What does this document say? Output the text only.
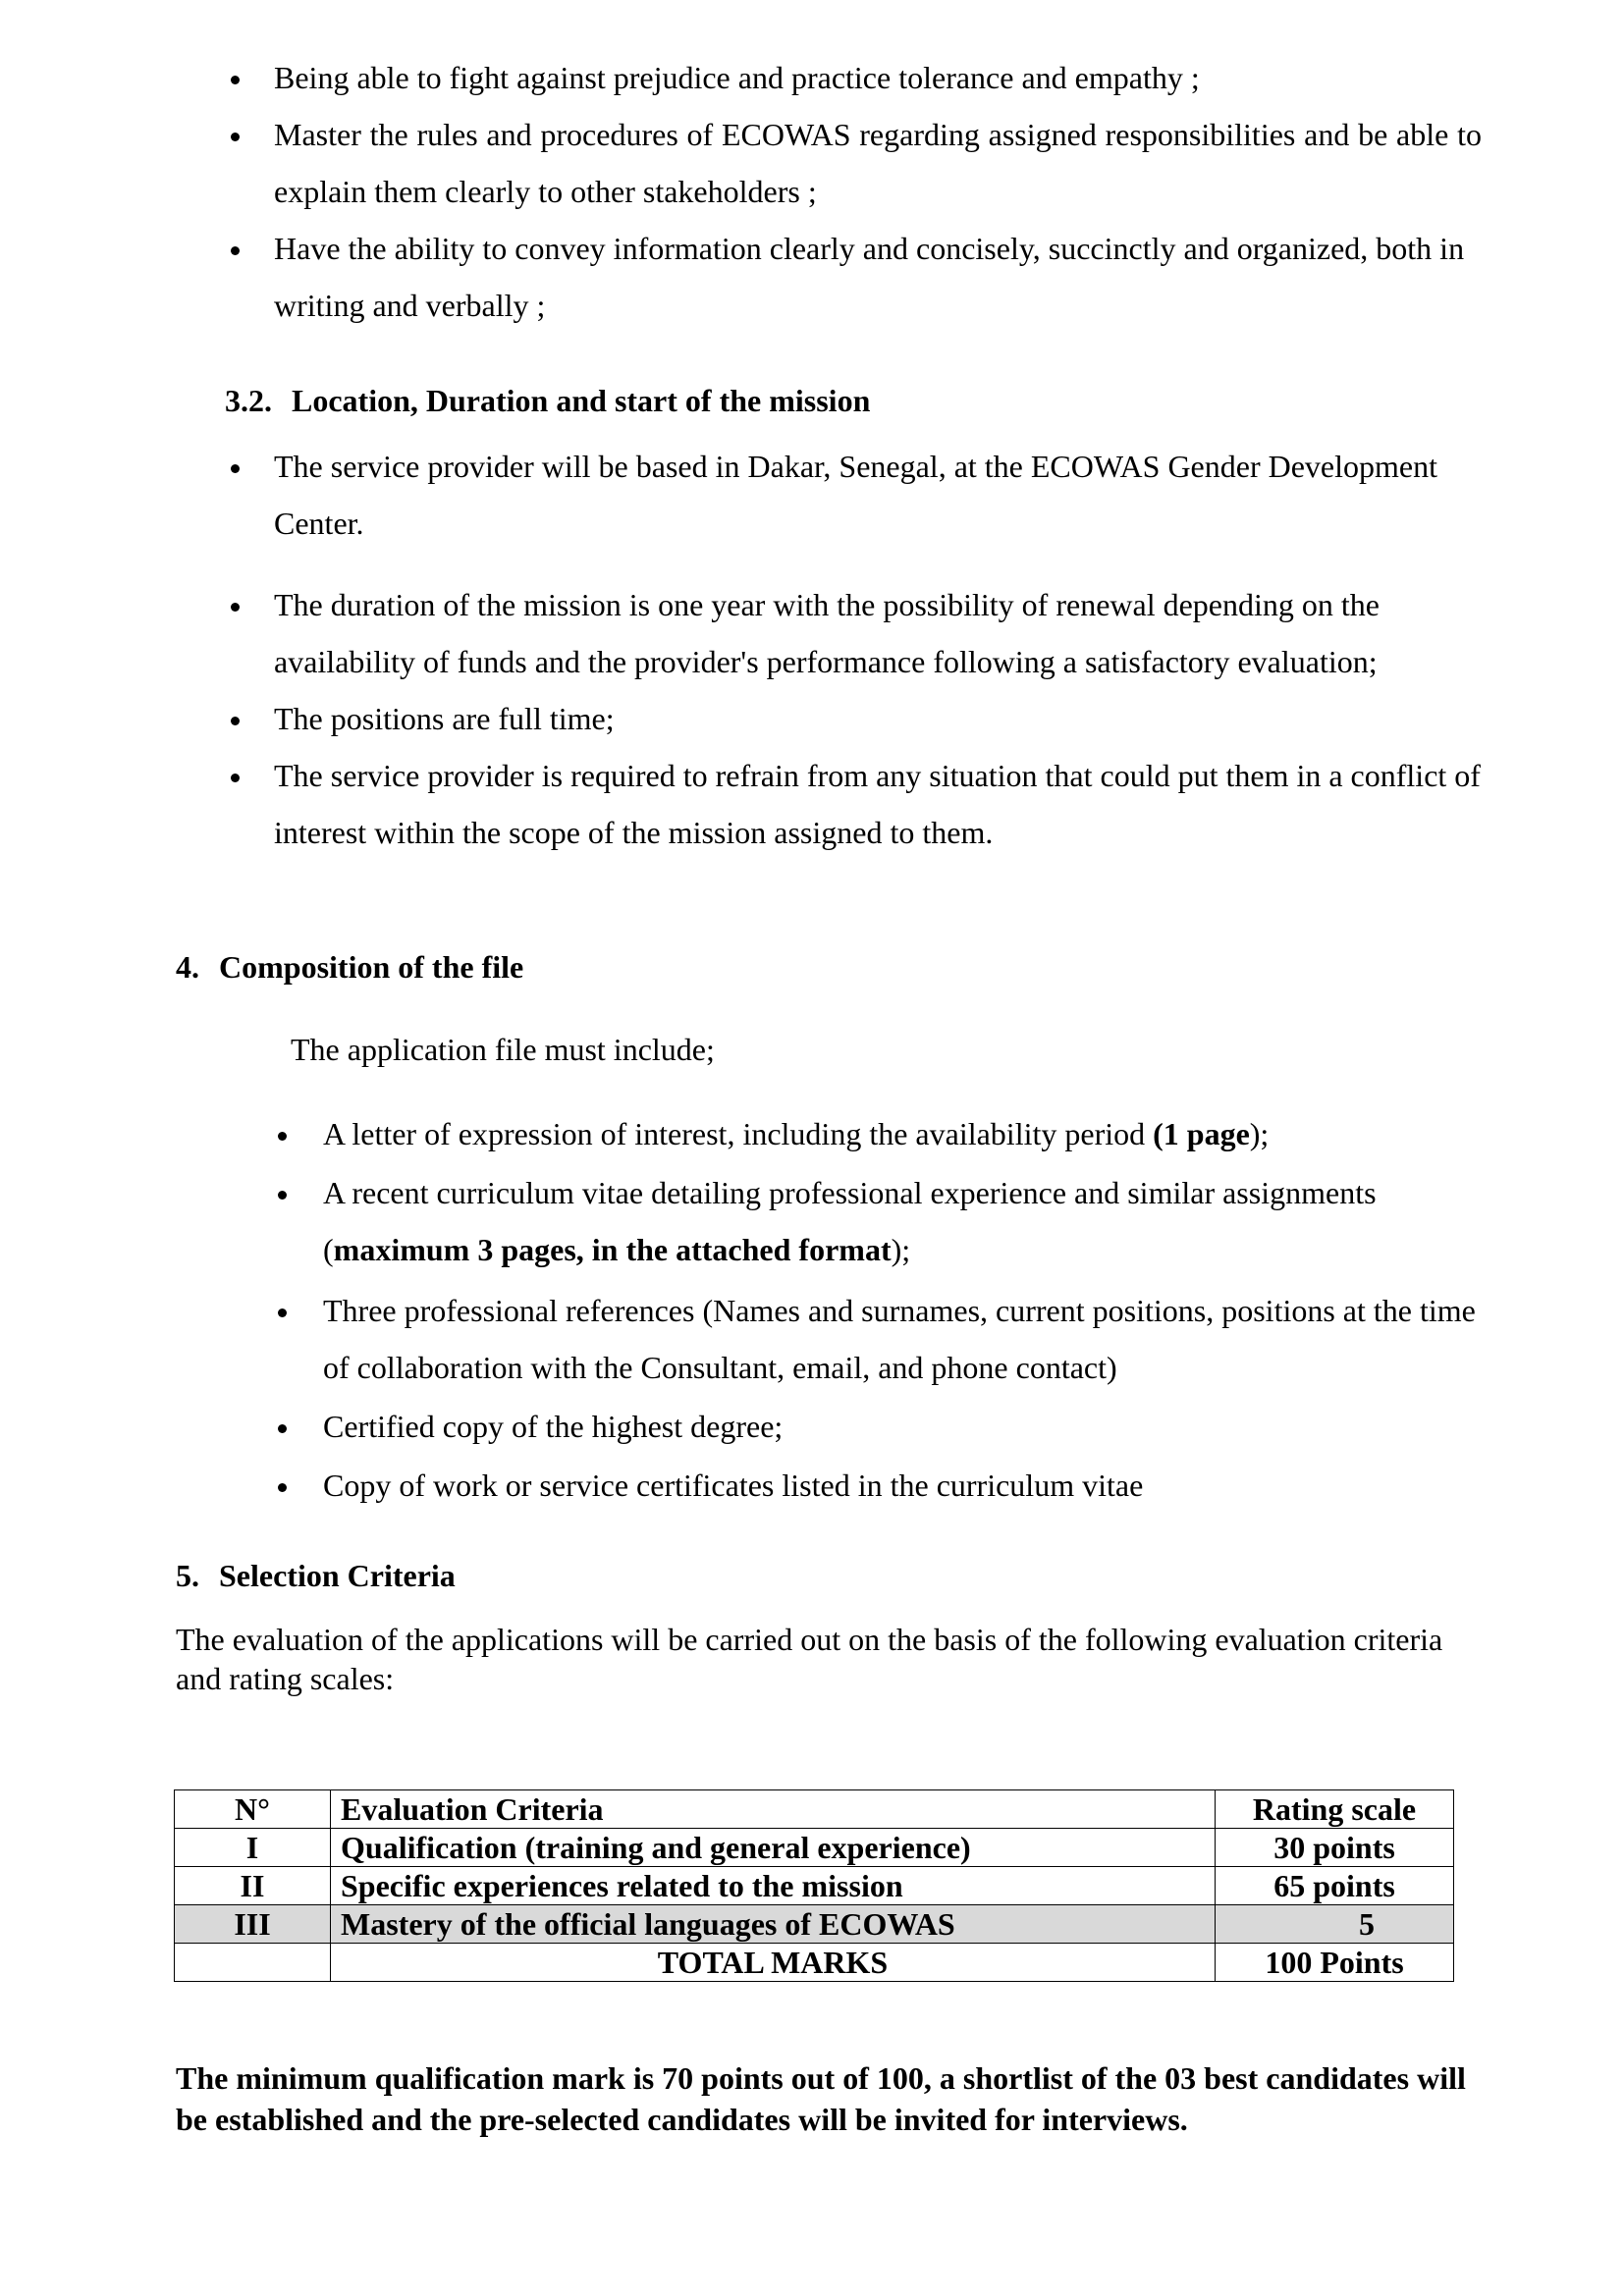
Being able to fight against prejudice and practice tolerance and empathy ;
Master the rules and procedures of ECOWAS regarding assigned responsibilities and be able to explain them clearly to other stakeholders ;
Have the ability to convey information clearly and concisely, succinctly and organized, both in writing and verbally ;
3.2. Location, Duration and start of the mission
The service provider will be based in Dakar, Senegal, at the ECOWAS Gender Development Center.
The duration of the mission is one year with the possibility of renewal depending on the availability of funds and the provider's performance following a satisfactory evaluation;
The positions are full time;
The service provider is required to refrain from any situation that could put them in a conflict of interest within the scope of the mission assigned to them.
4. Composition of the file
The application file must include;
A letter of expression of interest, including the availability period (1 page);
A recent curriculum vitae detailing professional experience and similar assignments (maximum 3 pages, in the attached format);
Three professional references (Names and surnames, current positions, positions at the time of collaboration with the Consultant, email, and phone contact)
Certified copy of the highest degree;
Copy of work or service certificates listed in the curriculum vitae
5. Selection Criteria
The evaluation of the applications will be carried out on the basis of the following evaluation criteria and rating scales:
N°	Evaluation Criteria	Rating scale
I	Qualification (training and general experience)	30 points
II	Specific experiences related to the mission	65 points
III	Mastery of the official languages of ECOWAS	5
	TOTAL MARKS	100 Points
The minimum qualification mark is 70 points out of 100, a shortlist of the 03 best candidates will be established and the pre-selected candidates will be invited for interviews.
